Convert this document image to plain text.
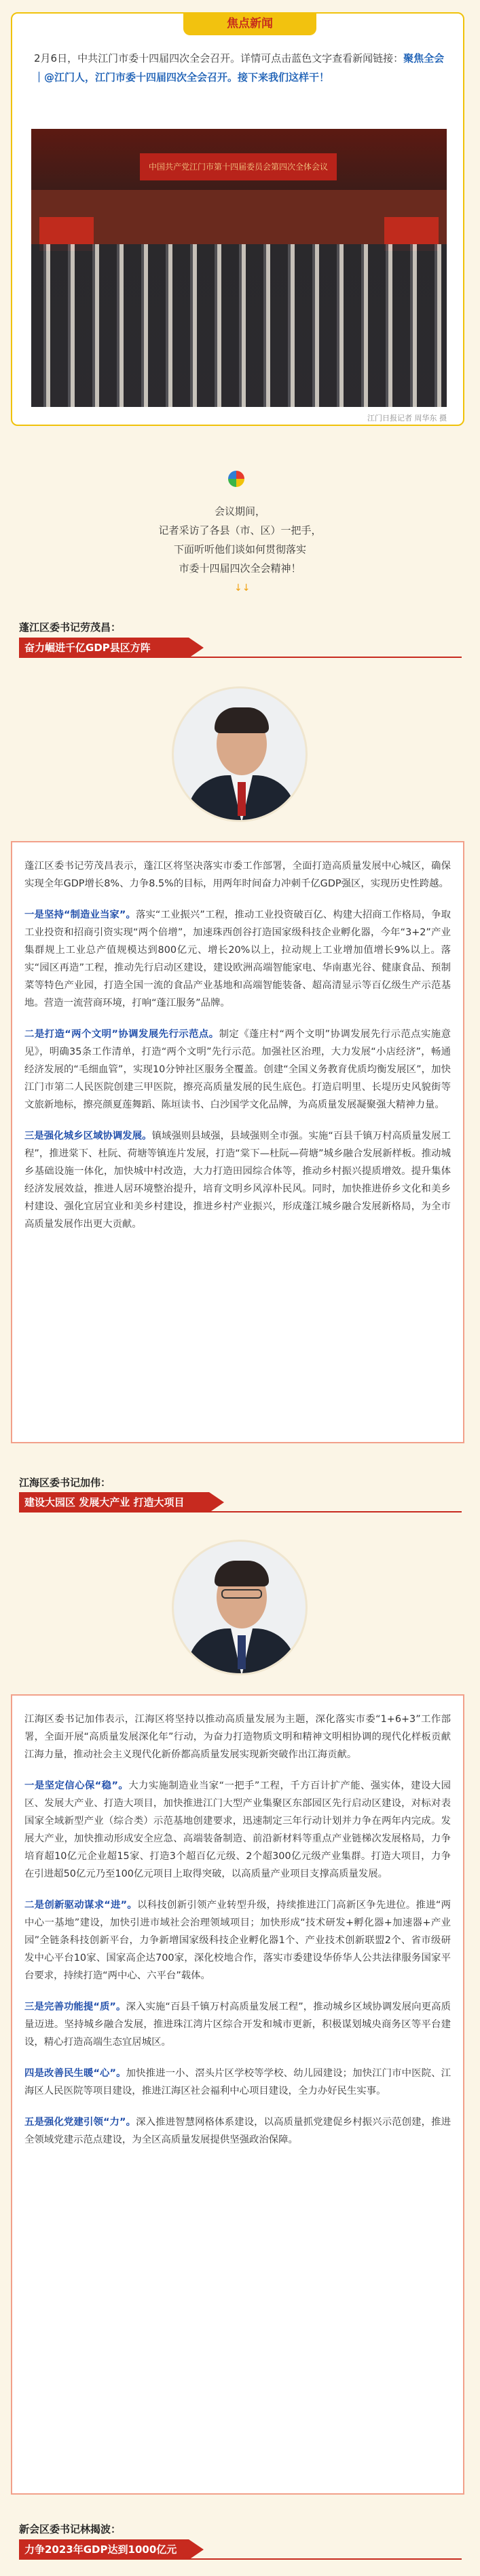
焦点新闻
2月6日，中共江门市委十四届四次全会召开。详情可点击蓝色文字查看新闻链接：聚焦全会｜@江门人，江门市委十四届四次全会召开。接下来我们这样干！
中国共产党江门市第十四届委员会第四次全体会议
江门日报记者 周华东 摄
会议期间，
记者采访了各县（市、区）一把手，
下面听听他们谈如何贯彻落实
市委十四届四次全会精神！
↓↓
蓬江区委书记劳茂昌：
奋力崛进千亿GDP县区方阵

蓬江区委书记劳茂昌表示，蓬江区将坚决落实市委工作部署，全面打造高质量发展中心城区，确保实现全年GDP增长8%、力争8.5%的目标，用两年时间奋力冲刺千亿GDP强区，实现历史性跨越。

一是坚持“制造业当家”。落实“工业振兴”工程，推动工业投资破百亿、构建大招商工作格局，争取工业投资和招商引资实现“两个倍增”，加速珠西创谷打造国家级科技企业孵化器，今年“3+2”产业集群规上工业总产值规模达到800亿元、增长20%以上，拉动规上工业增加值增长9%以上。落实“园区再造”工程，推动先行启动区建设，建设欧洲高端智能家电、华南惠光谷、健康食品、预制菜等特色产业园，打造全国一流的食品产业基地和高端智能装备、超高清显示等百亿级生产示范基地。营造一流营商环境，打响“蓬江服务”品牌。

二是打造“两个文明”协调发展先行示范点。制定《蓬庄村“两个文明”协调发展先行示范点实施意见》，明确35条工作清单，打造“两个文明”先行示范。加强社区治理，大力发展“小店经济”，畅通经济发展的“毛细血管”，实现10分钟社区服务全覆盖。创建“全国义务教育优质均衡发展区”，加快江门市第二人民医院创建三甲医院，擦亮高质量发展的民生底色。打造启明里、长堤历史风貌街等文旅新地标，擦亮颜夏莲舞蹈、陈垣读书、白沙国学文化品牌，为高质量发展凝聚强大精神力量。

三是强化城乡区域协调发展。镇域强则县域强，县域强则全市强。实施“百县千镇万村高质量发展工程”，推进棠下、杜阮、荷塘等镇连片发展，打造“棠下—杜阮—荷塘”城乡融合发展新样板。推动城乡基础设施一体化，加快城中村改造，大力打造田园综合体等，推动乡村振兴提质增效。提升集体经济发展效益，推进人居环境整治提升，培育文明乡风淳朴民风。同时，加快推进侨乡文化和美乡村建设、强化宜居宜业和美乡村建设，推进乡村产业振兴，形成蓬江城乡融合发展新格局，为全市高质量发展作出更大贡献。

江海区委书记加伟：
建设大园区 发展大产业 打造大项目

江海区委书记加伟表示，江海区将坚持以推动高质量发展为主题，深化落实市委“1+6+3”工作部署，全面开展“高质量发展深化年”行动，为奋力打造物质文明和精神文明相协调的现代化样板贡献江海力量，推动社会主义现代化新侨都高质量发展实现新突破作出江海贡献。

一是坚定信心保“稳”。大力实施制造业当家“一把手”工程，千方百计扩产能、强实体，建设大园区、发展大产业、打造大项目，加快推进江门大型产业集聚区东部园区先行启动区建设，对标对表国家全域新型产业（综合类）示范基地创建要求，迅速制定三年行动计划并力争在两年内完成。发展大产业，加快推动形成安全应急、高端装备制造、前沿新材料等重点产业链梯次发展格局，力争培育超10亿元企业超15家、打造3个超百亿元级、2个超300亿元级产业集群。打造大项目，力争在引进超50亿元乃至100亿元项目上取得突破，以高质量产业项目支撑高质量发展。

二是创新驱动谋求“进”。以科技创新引领产业转型升级，持续推进江门高新区争先进位。推进“两中心一基地”建设，加快引进市域社会治理领域项目；加快形成“技术研发+孵化器+加速器+产业园”全链条科技创新平台，力争新增国家级科技企业孵化器1个、产业技术创新联盟2个、省市级研发中心平台10家、国家高企达700家，深化校地合作，落实市委建设华侨华人公共法律服务国家平台要求，持续打造“两中心、六平台”载体。

三是完善功能提“质”。深入实施“百县千镇万村高质量发展工程”，推动城乡区域协调发展向更高质量迈进。坚持城乡融合发展，推进珠江湾片区综合开发和城市更新，积极谋划城央商务区等平台建设，精心打造高端生态宜居城区。

四是改善民生暖“心”。加快推进一小、滘头片区学校等学校、幼儿园建设；加快江门市中医院、江海区人民医院等项目建设，推进江海区社会福利中心项目建设，全力办好民生实事。

五是强化党建引领“力”。深入推进智慧网格体系建设，以高质量抓党建促乡村振兴示范创建，推进全领域党建示范点建设，为全区高质量发展提供坚强政治保障。

新会区委书记林揭波：
力争2023年GDP达到1000亿元
